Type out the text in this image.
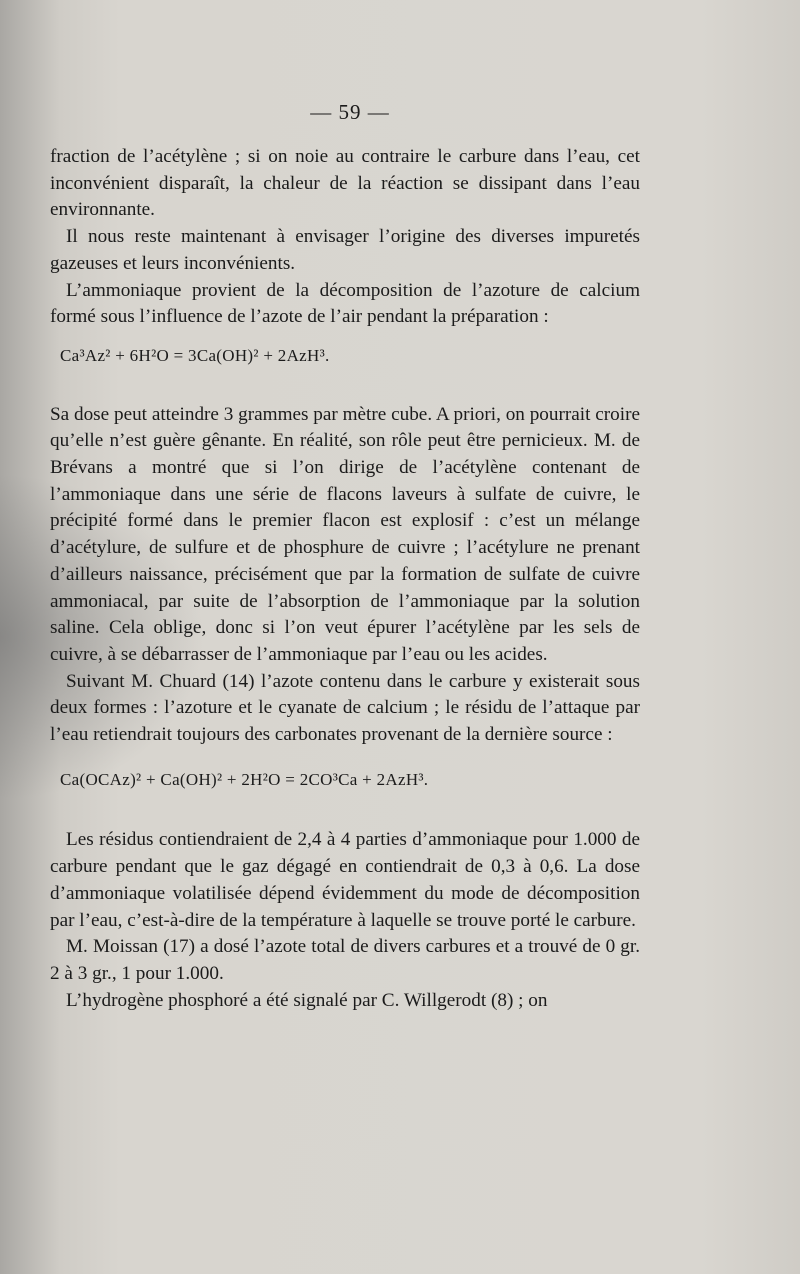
— 59 —

fraction de l’acétylène ; si on noie au contraire le carbure dans l’eau, cet inconvénient disparaît, la chaleur de la réaction se dissipant dans l’eau environnante.

Il nous reste maintenant à envisager l’origine des diverses impuretés gazeuses et leurs inconvénients.

L’ammoniaque provient de la décomposition de l’azoture de calcium formé sous l’influence de l’azote de l’air pendant la préparation :

Ca³Az² + 6H²O = 3Ca(OH)² + 2AzH³.

Sa dose peut atteindre 3 grammes par mètre cube. A priori, on pourrait croire qu’elle n’est guère gênante. En réalité, son rôle peut être pernicieux. M. de Brévans a montré que si l’on dirige de l’acétylène contenant de l’ammoniaque dans une série de flacons laveurs à sulfate de cuivre, le précipité formé dans le premier flacon est explosif : c’est un mélange d’acétylure, de sulfure et de phosphure de cuivre ; l’acétylure ne prenant d’ailleurs naissance, précisément que par la formation de sulfate de cuivre ammoniacal, par suite de l’absorption de l’ammoniaque par la solution saline. Cela oblige, donc si l’on veut épurer l’acétylène par les sels de cuivre, à se débarrasser de l’ammoniaque par l’eau ou les acides.

Suivant M. Chuard (14) l’azote contenu dans le carbure y existerait sous deux formes : l’azoture et le cyanate de calcium ; le résidu de l’attaque par l’eau retiendrait toujours des carbonates provenant de la dernière source :

Ca(OCAz)² + Ca(OH)² + 2H²O = 2CO³Ca + 2AzH³.

Les résidus contiendraient de 2,4 à 4 parties d’ammoniaque pour 1.000 de carbure pendant que le gaz dégagé en contiendrait de 0,3 à 0,6. La dose d’ammoniaque volatilisée dépend évidemment du mode de décomposition par l’eau, c’est-à-dire de la température à laquelle se trouve porté le carbure.

M. Moissan (17) a dosé l’azote total de divers carbures et a trouvé de 0 gr. 2 à 3 gr., 1 pour 1.000.

L’hydrogène phosphoré a été signalé par C. Willgerodt (8) ; on
